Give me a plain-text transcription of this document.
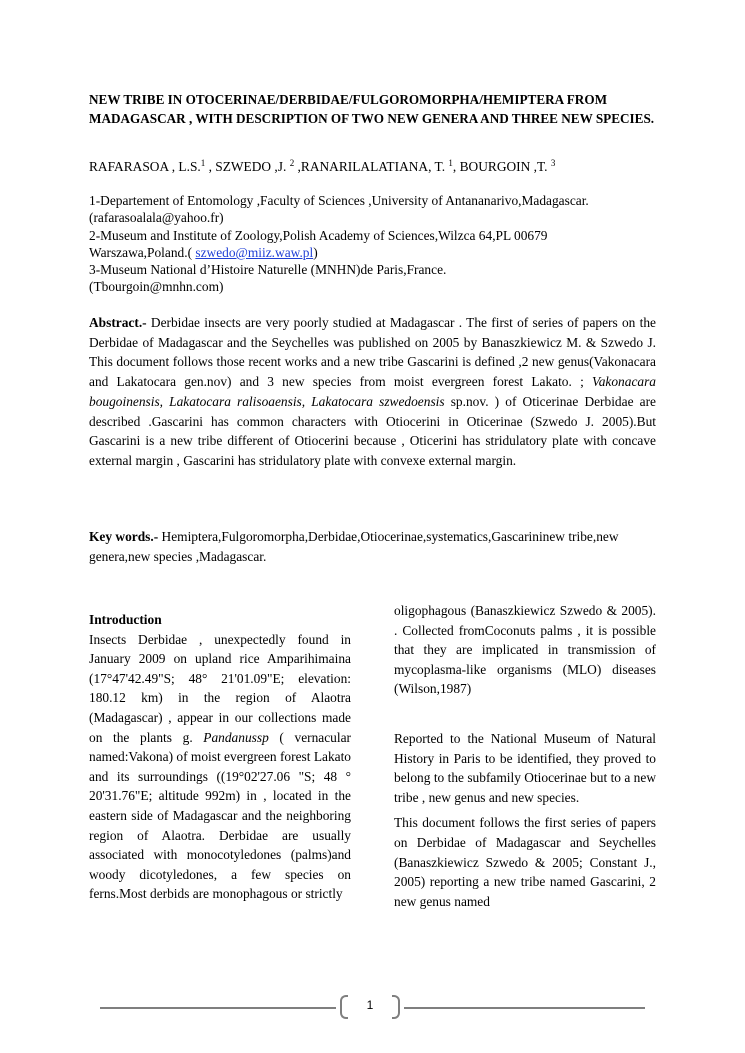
NEW TRIBE IN OTOCERINAE/DERBIDAE/FULGOROMORPHA/HEMIPTERA FROM MADAGASCAR , WITH DESCRIPTION OF TWO NEW GENERA AND THREE NEW SPECIES.
RAFARASOA , L.S.$^1$ , SZWEDO ,J. $^2$ ,RANARILALATIANA, T. $^1$, BOURGOIN ,T. $^3$
1-Departement of Entomology ,Faculty of Sciences ,University of Antananarivo,Madagascar.
(rafarasoalala@yahoo.fr)
2-Museum and Institute of Zoology,Polish Academy of Sciences,Wilzca 64,PL 00679
Warszawa,Poland.( szwedo@miiz.waw.pl)
3-Museum National d’Histoire Naturelle (MNHN)de Paris,France.
(Tbourgoin@mnhn.com)
Abstract.- Derbidae insects are very poorly studied at Madagascar . The first of series of papers on the Derbidae of Madagascar and the Seychelles was published on 2005 by Banaszkiewicz M. & Szwedo J. This document follows those recent works and a new tribe Gascarini is defined ,2 new genus(Vakonacara and Lakatocara gen.nov) and 3 new species from moist evergreen forest Lakato. ; Vakonacara bougoinensis, Lakatocara ralisoaensis, Lakatocara szwedoensis sp.nov. ) of Oticerinae Derbidae are described .Gascarini has common characters with Otiocerini in Oticerinae (Szwedo J. 2005).But Gascarini is a new tribe different of Otiocerini because , Oticerini has stridulatory plate with concave external margin , Gascarini has stridulatory plate with convexe external margin.
Key words.- Hemiptera,Fulgoromorpha,Derbidae,Otiocerinae,systematics,Gascarininew tribe,new genera,new species ,Madagascar.

Introduction

Insects Derbidae , unexpectedly found in January 2009 on upland rice Amparihimaina (17°47'42.49"S; 48° 21'01.09"E; elevation: 180.12 km) in the region of Alaotra (Madagascar) , appear in our collections made on the plants g. Pandanussp ( vernacular named:Vakona) of moist evergreen forest Lakato and its surroundings ((19°02'27.06 "S; 48 ° 20'31.76"E; altitude 992m) in , located in the eastern side of Madagascar and the neighboring region of Alaotra. Derbidae are usually associated with monocotyledones (palms)and woody dicotyledones, a few species on ferns.Most derbids are monophagous or strictly

oligophagous (Banaszkiewicz Szwedo & 2005). . Collected fromCoconuts palms , it is possible that they are implicated in transmission of mycoplasma-like organisms (MLO) diseases (Wilson,1987)

Reported to the National Museum of Natural History in Paris to be identified, they proved to belong to the subfamily Otiocerinae but to a new tribe , new genus and new species.

This document follows the first series of papers on Derbidae of Madagascar and Seychelles (Banaszkiewicz Szwedo & 2005; Constant J., 2005) reporting a new tribe named Gascarini, 2 new genus named

1
